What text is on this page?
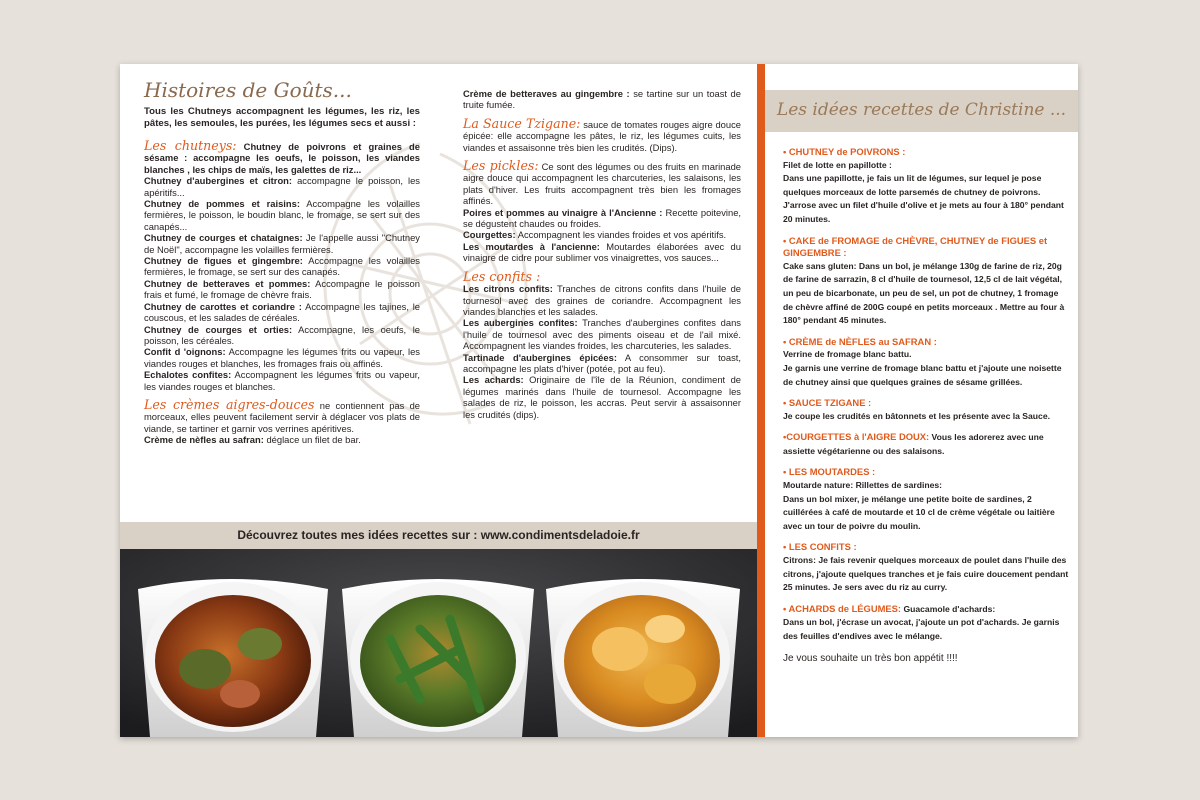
Histoires de Goûts...

Tous les Chutneys accompagnent les légumes, les riz, les pâtes, les semoules, les purées, les légumes secs et aussi :

Les chutneys: Chutney de poivrons et graines de sésame : accompagne les oeufs, le poisson, les viandes blanches , les chips de maïs, les galettes de riz...

Chutney d'aubergines et citron: accompagne le poisson, les apéritifs...

Chutney de pommes et raisins: Accompagne les volailles fermières, le poisson, le boudin blanc, le fromage, se sert sur des canapés...

Chutney de courges et chataignes: Je l'appelle aussi "Chutney de Noël", accompagne les volailles fermières.

Chutney de figues et gingembre: Accompagne les volailles fermières, le fromage, se sert sur des canapés.

Chutney de betteraves et pommes: Accompagne le poisson frais et fumé, le fromage de chèvre frais.

Chutney de carottes et coriandre : Accompagne les tajines, le couscous, et les salades de céréales.

Chutney de courges et orties: Accompagne, les oeufs, le poisson, les céréales.

Confit d 'oignons: Accompagne les légumes frits ou vapeur, les viandes rouges et blanches, les fromages frais ou affinés.

Echalotes confites: Accompagnent les légumes frits ou vapeur, les viandes rouges et blanches.

Les crèmes aigres-douces ne contiennent pas de morceaux, elles peuvent facilement servir à déglacer vos plats de viande, se tartiner et garnir vos verrines apéritives.

Crème de nèfles au safran: déglace un filet de bar.

Crème de betteraves au gingembre : se tartine sur un toast de truite fumée.

La Sauce Tzigane: sauce de tomates rouges aigre douce épicée: elle accompagne les pâtes, le riz, les légumes cuits, les viandes et assaisonne très bien les crudités. (Dips).

Les pickles: Ce sont des légumes ou des fruits en marinade aigre douce qui accompagnent les charcuteries, les salaisons, les plats d'hiver. Les fruits accompagnent très bien les fromages affinés.

Poires et pommes au vinaigre à l'Ancienne : Recette poitevine, se dégustent chaudes ou froides.

Courgettes: Accompagnent les viandes froides et vos apéritifs.

Les moutardes à l'ancienne: Moutardes élaborées avec du vinaigre de cidre pour sublimer vos vinaigrettes, vos sauces...

Les confits :

Les citrons confits: Tranches de citrons confits dans l'huile de tournesol avec des graines de coriandre. Accompagnent les viandes blanches et les salades.

Les aubergines confites: Tranches d'aubergines confites dans l'huile de tournesol avec des piments oiseau et de l'ail mixé. Accompagnent les viandes froides, les charcuteries, les salades.

Tartinade d'aubergines épicées: A consommer sur toast, accompagne les plats d'hiver (potée, pot au feu).

Les achards: Originaire de l'île de la Réunion, condiment de légumes marinés dans l'huile de tournesol. Accompagne les salades de riz, le poisson, les accras. Peut servir à assaisonner les crudités (dips).

Découvrez toutes mes idées recettes sur : www.condimentsdeladoie.fr
Les idées recettes de Christine ...
• CHUTNEY de POIVRONS :
Filet de lotte en papillotte :
Dans une papillotte, je fais un lit de légumes, sur lequel je pose quelques morceaux de lotte parsemés de chutney de poivrons. J'arrose avec un filet d'huile d'olive et je mets au four à 180° pendant 20 minutes.
• CAKE de FROMAGE de CHÈVRE, CHUTNEY de FIGUES et GINGEMBRE :
Cake sans gluten: Dans un bol, je mélange 130g de farine de riz, 20g de farine de sarrazin, 8 cl d'huile de tournesol, 12,5 cl de lait végétal, un peu de bicarbonate, un peu de sel, un pot de chutney, 1 fromage de chèvre affiné de 200G coupé en petits morceaux . Mettre au four à 180° pendant 45 minutes.
• CRÈME de NÈFLES au SAFRAN :
Verrine de fromage blanc battu.
Je garnis une verrine de fromage blanc battu et j'ajoute une noisette de chutney ainsi que quelques graines de sésame grillées.
• SAUCE TZIGANE :
Je coupe les crudités en bâtonnets et les présente avec la Sauce.
•COURGETTES à l'AIGRE DOUX: Vous les adorerez avec une assiette végétarienne ou des salaisons.
• LES MOUTARDES :
Moutarde nature: Rillettes de sardines:
Dans un bol mixer, je mélange une petite boite de sardines, 2 cuillérées à café de moutarde et 10 cl de crème végétale ou laitière avec un tour de poivre du moulin.
• LES CONFITS :
Citrons: Je fais revenir quelques morceaux de poulet dans l'huile des citrons, j'ajoute quelques tranches et je fais cuire doucement pendant 25 minutes. Je sers avec du riz au curry.
• ACHARDS de LÉGUMES: Guacamole d'achards:
Dans un bol, j'écrase un avocat, j'ajoute un pot d'achards. Je garnis des feuilles d'endives avec le mélange.
Je vous souhaite un très bon appétit !!!!
